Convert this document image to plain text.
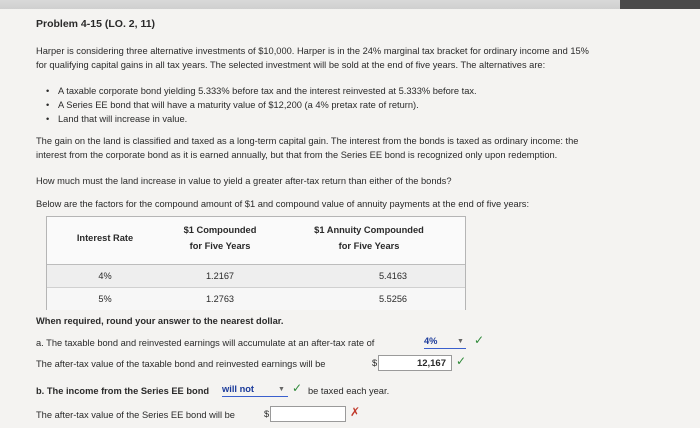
Problem 4-15 (LO. 2, 11)
Harper is considering three alternative investments of $10,000. Harper is in the 24% marginal tax bracket for ordinary income and 15%
for qualifying capital gains in all tax years. The selected investment will be sold at the end of five years. The alternatives are:
• A taxable corporate bond yielding 5.333% before tax and the interest reinvested at 5.333% before tax.
• A Series EE bond that will have a maturity value of $12,200 (a 4% pretax rate of return).
• Land that will increase in value.
The gain on the land is classified and taxed as a long-term capital gain. The interest from the bonds is taxed as ordinary income: the
interest from the corporate bond as it is earned annually, but that from the Series EE bond is recognized only upon redemption.
How much must the land increase in value to yield a greater after-tax return than either of the bonds?
Below are the factors for the compound amount of $1 and compound value of annuity payments at the end of five years:
Interest Rate
$1 Compounded
for Five Years
$1 Annuity Compounded
for Five Years
4%	1.2167	5.4163
5%	1.2763	5.5256
When required, round your answer to the nearest dollar.
a. The taxable bond and reinvested earnings will accumulate at an after-tax rate of	4%	▼ ✓
The after-tax value of the taxable bond and reinvested earnings will be	$	12,167 ✓
b. The income from the Series EE bond will not	▼ ✓ be taxed each year.
The after-tax value of the Series EE bond will be	$	✗
